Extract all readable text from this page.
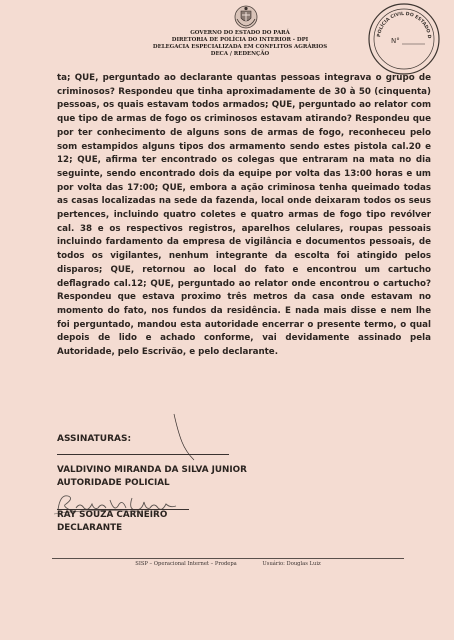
GOVERNO DO ESTADO DO PARÁ
DIRETORIA DE POLÍCIA DO INTERIOR - DPI
DELEGACIA ESPECIALIZADA EM CONFLITOS AGRÁRIOS
DECA / REDENÇÃO
POLÍCIA CIVIL DO ESTADO D
N°

ta; QUE, perguntado ao declarante quantas pessoas integrava o grupo de criminosos? Respondeu que tinha aproximadamente de 30 à 50 (cinquenta) pessoas, os quais estavam todos armados; QUE, perguntado ao relator com que tipo de armas de fogo os criminosos estavam atirando? Respondeu que por ter conhecimento de alguns sons de armas de fogo, reconheceu pelo som estampidos alguns tipos dos armamento sendo estes pistola cal.20 e 12; QUE, afirma ter encontrado os colegas que entraram na mata no dia seguinte, sendo encontrado dois da equipe por volta das 13:00 horas e um por volta das 17:00; QUE, embora a ação criminosa tenha queimado todas as casas localizadas na sede da fazenda, local onde deixaram todos os seus pertences, incluindo quatro coletes e quatro armas de fogo tipo revólver cal. 38 e os respectivos registros, aparelhos celulares, roupas pessoais incluindo fardamento da empresa de vigilância e documentos pessoais, de todos os vigilantes, nenhum integrante da escolta foi atingido pelos disparos; QUE, retornou ao local do fato e encontrou um cartucho deflagrado cal.12; QUE, perguntado ao relator onde encontrou o cartucho? Respondeu que estava proximo três metros da casa onde estavam no momento do fato, nos fundos da residência. E nada mais disse e nem lhe foi perguntado, mandou esta autoridade encerrar o presente termo, o qual depois de lido e achado conforme, vai devidamente assinado pela Autoridade, pelo Escrivão, e pelo declarante.

ASSINATURAS:
VALDIVINO MIRANDA DA SILVA JUNIOR
AUTORIDADE POLICIAL
RAY SOUZA CARNEIRO
DECLARANTE
SISP – Operacional Internet – Prodepa	Usuário: Douglas Luiz
